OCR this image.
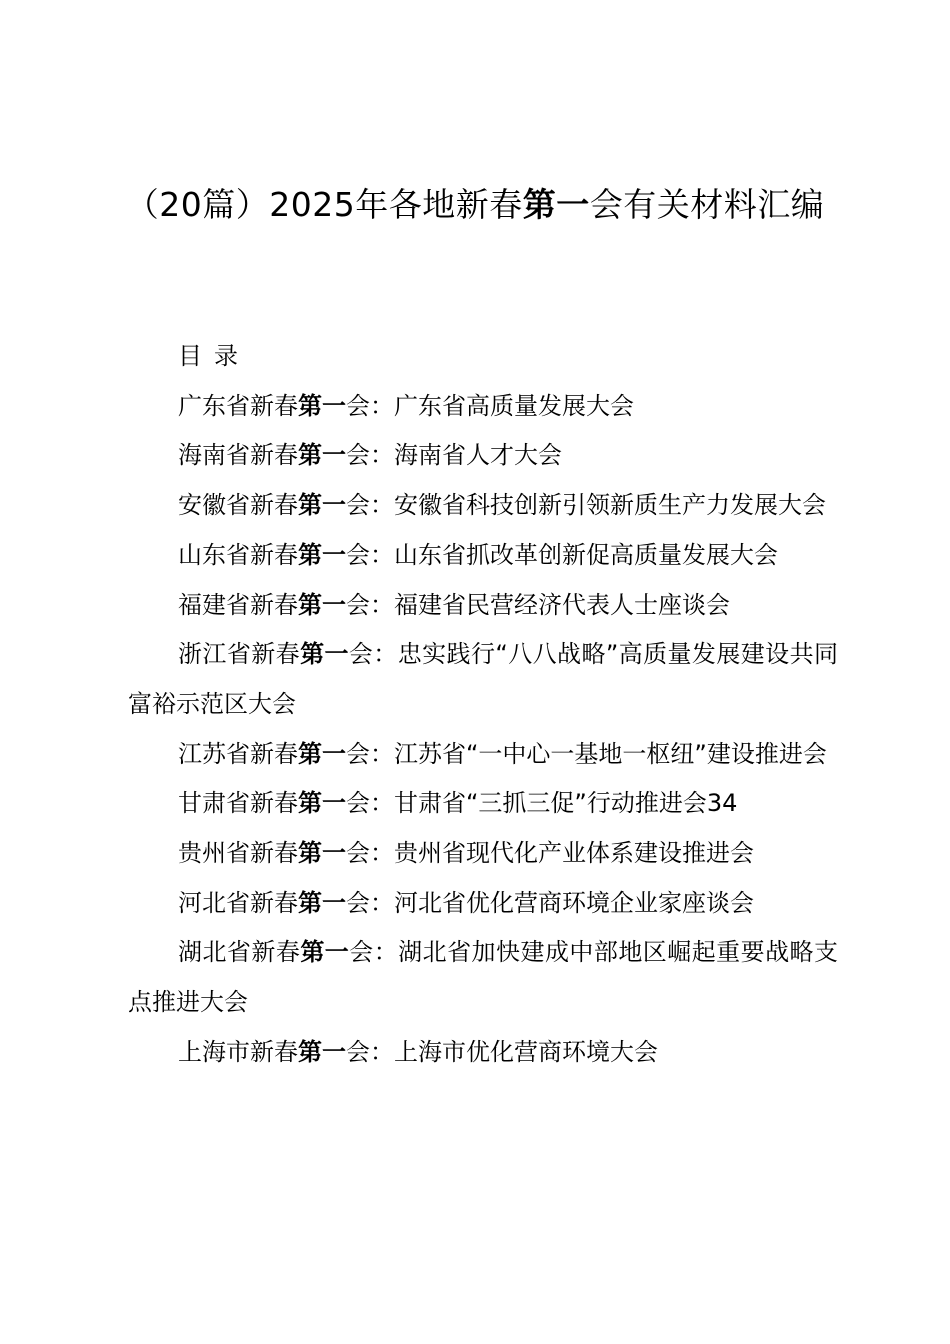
（20篇）2025年各地新春第一会有关材料汇编
目录
广东省新春第一会：广东省高质量发展大会
海南省新春第一会：海南省人才大会
安徽省新春第一会：安徽省科技创新引领新质生产力发展大会
山东省新春第一会：山东省抓改革创新促高质量发展大会
福建省新春第一会：福建省民营经济代表人士座谈会
浙江省新春第一会：忠实践行“八八战略”高质量发展建设共同富裕示范区大会
江苏省新春第一会：江苏省“一中心一基地一枢纽”建设推进会
甘肃省新春第一会：甘肃省“三抓三促”行动推进会34
贵州省新春第一会：贵州省现代化产业体系建设推进会
河北省新春第一会：河北省优化营商环境企业家座谈会
湖北省新春第一会：湖北省加快建成中部地区崛起重要战略支点推进大会
上海市新春第一会：上海市优化营商环境大会
